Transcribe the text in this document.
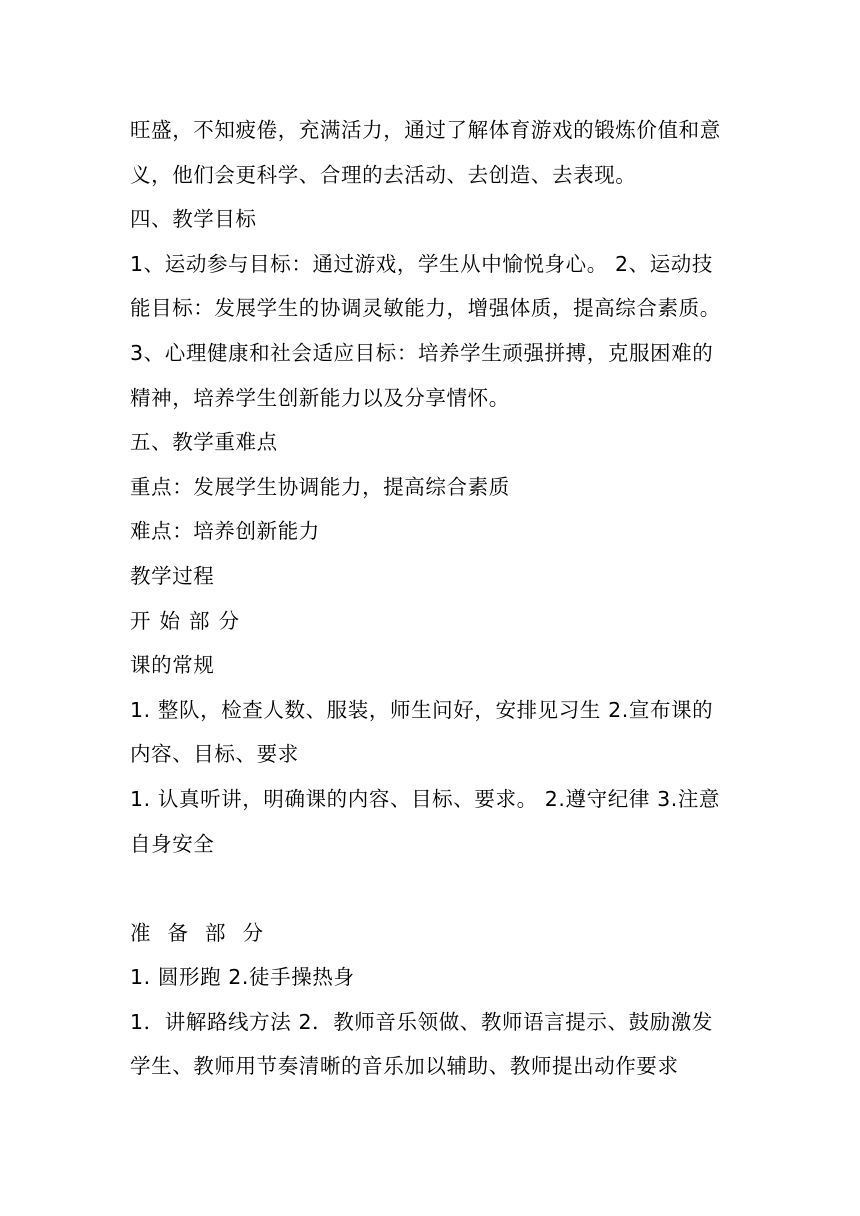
旺盛，不知疲倦，充满活力，通过了解体育游戏的锻炼价值和意
义，他们会更科学、合理的去活动、去创造、去表现。
四、教学目标
1、运动参与目标：通过游戏，学生从中愉悦身心。 2、运动技
能目标：发展学生的协调灵敏能力，增强体质，提高综合素质。
3、心理健康和社会适应目标：培养学生顽强拼搏，克服困难的
精神，培养学生创新能力以及分享情怀。
五、教学重难点
重点：发展学生协调能力，提高综合素质
难点：培养创新能力
教学过程
开始部分
课的常规
1. 整队，检查人数、服装，师生问好，安排见习生 2.宣布课的
内容、目标、要求
1. 认真听讲，明确课的内容、目标、要求。 2.遵守纪律 3.注意
自身安全
准备部分
1. 圆形跑 2.徒手操热身
1．讲解路线方法 2．教师音乐领做、教师语言提示、鼓励激发
学生、教师用节奏清晰的音乐加以辅助、教师提出动作要求
